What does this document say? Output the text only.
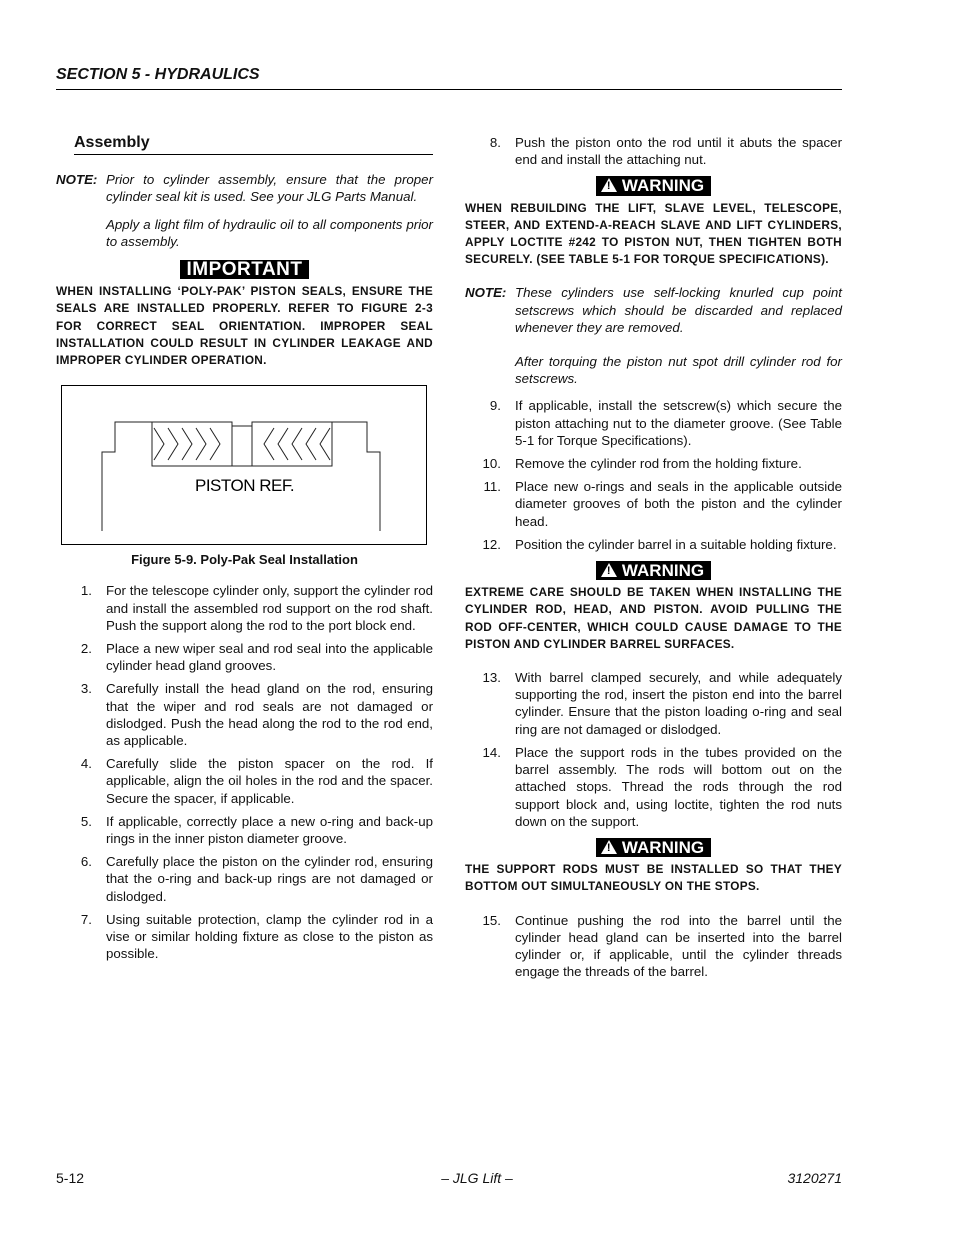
SECTION 5 - HYDRAULICS
Assembly
NOTE: Prior to cylinder assembly, ensure that the proper cylinder seal kit is used. See your JLG Parts Manual.

Apply a light film of hydraulic oil to all components prior to assembly.
IMPORTANT
WHEN INSTALLING ‘POLY-PAK’ PISTON SEALS, ENSURE THE SEALS ARE INSTALLED PROPERLY. REFER TO FIGURE 2-3 FOR CORRECT SEAL ORIENTATION. IMPROPER SEAL INSTALLATION COULD RESULT IN CYLINDER LEAKAGE AND IMPROPER CYLINDER OPERATION.
PISTON REF.
Figure 5-9. Poly-Pak Seal Installation
1.	For the telescope cylinder only, support the cylinder rod and install the assembled rod support on the rod shaft. Push the support along the rod to the port block end.
2.	Place a new wiper seal and rod seal into the applicable cylinder head gland grooves.
3.	Carefully install the head gland on the rod, ensuring that the wiper and rod seals are not damaged or dislodged. Push the head along the rod to the rod end, as applicable.
4.	Carefully slide the piston spacer on the rod. If applicable, align the oil holes in the rod and the spacer. Secure the spacer, if applicable.
5.	If applicable, correctly place a new o-ring and back-up rings in the inner piston diameter groove.
6.	Carefully place the piston on the cylinder rod, ensuring that the o-ring and back-up rings are not damaged or dislodged.
7.	Using suitable protection, clamp the cylinder rod in a vise or similar holding fixture as close to the piston as possible.
8.	Push the piston onto the rod until it abuts the spacer end and install the attaching nut.
! WARNING
WHEN REBUILDING THE LIFT, SLAVE LEVEL, TELESCOPE, STEER, AND EXTEND-A-REACH SLAVE AND LIFT CYLINDERS, APPLY LOCTITE #242 TO PISTON NUT, THEN TIGHTEN BOTH SECURELY. (SEE TABLE 5-1 FOR TORQUE SPECIFICATIONS).
NOTE: These cylinders use self-locking knurled cup point setscrews which should be discarded and replaced whenever they are removed.

After torquing the piston nut spot drill cylinder rod for setscrews.
9.	If applicable, install the setscrew(s) which secure the piston attaching nut to the diameter groove. (See Table 5-1 for Torque Specifications).
10.	Remove the cylinder rod from the holding fixture.
11.	Place new o-rings and seals in the applicable outside diameter grooves of both the piston and the cylinder head.
12.	Position the cylinder barrel in a suitable holding fixture.
! WARNING
EXTREME CARE SHOULD BE TAKEN WHEN INSTALLING THE CYLINDER ROD, HEAD, AND PISTON. AVOID PULLING THE ROD OFF-CENTER, WHICH COULD CAUSE DAMAGE TO THE PISTON AND CYLINDER BARREL SURFACES.
13.	With barrel clamped securely, and while adequately supporting the rod, insert the piston end into the barrel cylinder. Ensure that the piston loading o-ring and seal ring are not damaged or dislodged.
14.	Place the support rods in the tubes provided on the barrel assembly. The rods will bottom out on the attached stops. Thread the rods through the rod support block and, using loctite, tighten the rod nuts down on the support.
! WARNING
THE SUPPORT RODS MUST BE INSTALLED SO THAT THEY BOTTOM OUT SIMULTANEOUSLY ON THE STOPS.
15.	Continue pushing the rod into the barrel until the cylinder head gland can be inserted into the barrel cylinder or, if applicable, until the cylinder threads engage the threads of the barrel.
5-12	– JLG Lift –	3120271
